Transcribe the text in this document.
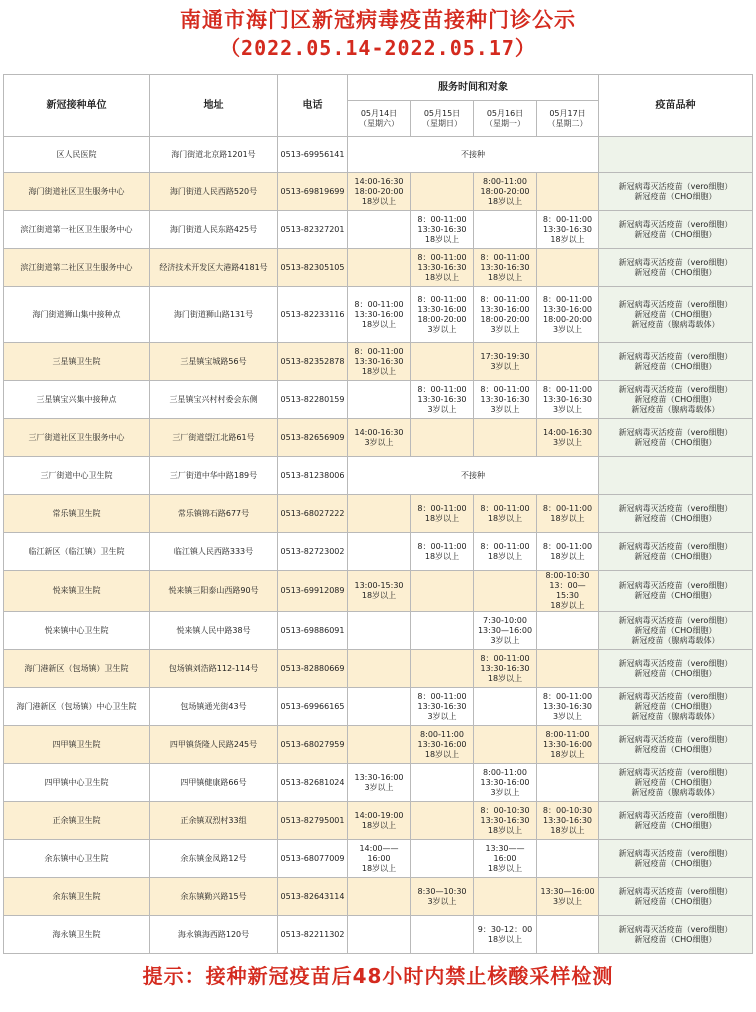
南通市海门区新冠病毒疫苗接种门诊公示
（2022.05.14-2022.05.17）
新冠接种单位	地址	电话	服务时间和对象				疫苗品种
			05月14日
（星期六）	05月15日
（星期日）	05月16日
（星期一）	05月17日
（星期二）	
区人民医院	海门街道北京路1201号	0513-69956141	不接种				
海门街道社区卫生服务中心	海门街道人民西路520号	0513-69819699	14:00-16:30
18:00-20:00
18岁以上		8:00-11:00
18:00-20:00
18岁以上		新冠病毒灭活疫苗（vero细胞）
新冠疫苗（CHO细胞）
滨江街道第一社区卫生服务中心	海门街道人民东路425号	0513-82327201		8：00-11:00
13:30-16:30
18岁以上		8：00-11:00
13:30-16:30
18岁以上	新冠病毒灭活疫苗（vero细胞）
新冠疫苗（CHO细胞）
滨江街道第二社区卫生服务中心	经济技术开发区大港路4181号	0513-82305105		8：00-11:00
13:30-16:30
18岁以上	8：00-11:00
13:30-16:30
18岁以上		新冠病毒灭活疫苗（vero细胞）
新冠疫苗（CHO细胞）
海门街道狮山集中接种点	海门街道狮山路131号	0513-82233116	8：00-11:00
13:30-16:00
18岁以上	8：00-11:00
13:30-16:00
18:00-20:00
3岁以上	8：00-11:00
13:30-16:00
18:00-20:00
3岁以上	8：00-11:00
13:30-16:00
18:00-20:00
3岁以上	新冠病毒灭活疫苗（vero细胞）
新冠疫苗（CHO细胞）
新冠疫苗（腺病毒载体）
三星镇卫生院	三星镇宝城路56号	0513-82352878	8：00-11:00
13:30-16:30
18岁以上		17:30-19:30
3岁以上		新冠病毒灭活疫苗（vero细胞）
新冠疫苗（CHO细胞）
三星镇宝兴集中接种点	三星镇宝兴村村委会东侧	0513-82280159		8：00-11:00
13:30-16:30
3岁以上	8：00-11:00
13:30-16:30
3岁以上	8：00-11:00
13:30-16:30
3岁以上	新冠病毒灭活疫苗（vero细胞）
新冠疫苗（CHO细胞）
新冠疫苗（腺病毒载体）
三厂街道社区卫生服务中心	三厂街道望江北路61号	0513-82656909	14:00-16:30
3岁以上			14:00-16:30
3岁以上	新冠病毒灭活疫苗（vero细胞）
新冠疫苗（CHO细胞）
三厂街道中心卫生院	三厂街道中华中路189号	0513-81238006	不接种				
常乐镇卫生院	常乐镇锦石路677号	0513-68027222		8：00-11:00
18岁以上	8：00-11:00
18岁以上	8：00-11:00
18岁以上	新冠病毒灭活疫苗（vero细胞）
新冠疫苗（CHO细胞）
临江新区（临江镇）卫生院	临江镇人民西路333号	0513-82723002		8：00-11:00
18岁以上	8：00-11:00
18岁以上	8：00-11:00
18岁以上	新冠病毒灭活疫苗（vero细胞）
新冠疫苗（CHO细胞）
悦来镇卫生院	悦来镇三阳泰山西路90号	0513-69912089	13:00-15:30
18岁以上			8:00-10:30
13：00—15:30
18岁以上	新冠病毒灭活疫苗（vero细胞）
新冠疫苗（CHO细胞）
悦来镇中心卫生院	悦来镇人民中路38号	0513-69886091			7:30-10:00
13:30—16:00
3岁以上		新冠病毒灭活疫苗（vero细胞）
新冠疫苗（CHO细胞）
新冠疫苗（腺病毒载体）
海门港新区（包场镇）卫生院	包场镇刘浩路112-114号	0513-82880669			8：00-11:00
13:30-16:30
18岁以上		新冠病毒灭活疫苗（vero细胞）
新冠疫苗（CHO细胞）
海门港新区（包场镇）中心卫生院	包场镇通光街43号	0513-69966165		8：00-11:00
13:30-16:30
3岁以上		8：00-11:00
13:30-16:30
3岁以上	新冠病毒灭活疫苗（vero细胞）
新冠疫苗（CHO细胞）
新冠疫苗（腺病毒载体）
四甲镇卫生院	四甲镇货隆人民路245号	0513-68027959		8:00-11:00
13:30-16:00
18岁以上		8:00-11:00
13:30-16:00
18岁以上	新冠病毒灭活疫苗（vero细胞）
新冠疫苗（CHO细胞）
四甲镇中心卫生院	四甲镇健康路66号	0513-82681024	13:30-16:00
3岁以上		8:00-11:00
13:30-16:00
3岁以上		新冠病毒灭活疫苗（vero细胞）
新冠疫苗（CHO细胞）
新冠疫苗（腺病毒载体）
正余镇卫生院	正余镇双烈村33组	0513-82795001	14:00-19:00
18岁以上		8：00-10:30
13:30-16:30
18岁以上	8：00-10:30
13:30-16:30
18岁以上	新冠病毒灭活疫苗（vero细胞）
新冠疫苗（CHO细胞）
余东镇中心卫生院	余东镇金凤路12号	0513-68077009	14:00——16:00
18岁以上		13:30——16:00
18岁以上		新冠病毒灭活疫苗（vero细胞）
新冠疫苗（CHO细胞）
余东镇卫生院	余东镇勤兴路15号	0513-82643114		8:30—10:30
3岁以上		13:30—16:00
3岁以上	新冠病毒灭活疫苗（vero细胞）
新冠疫苗（CHO细胞）
海永镇卫生院	海永镇海西路120号	0513-82211302			9：30-12：00
18岁以上		新冠病毒灭活疫苗（vero细胞）
新冠疫苗（CHO细胞）
提示：接种新冠疫苗后48小时内禁止核酸采样检测
